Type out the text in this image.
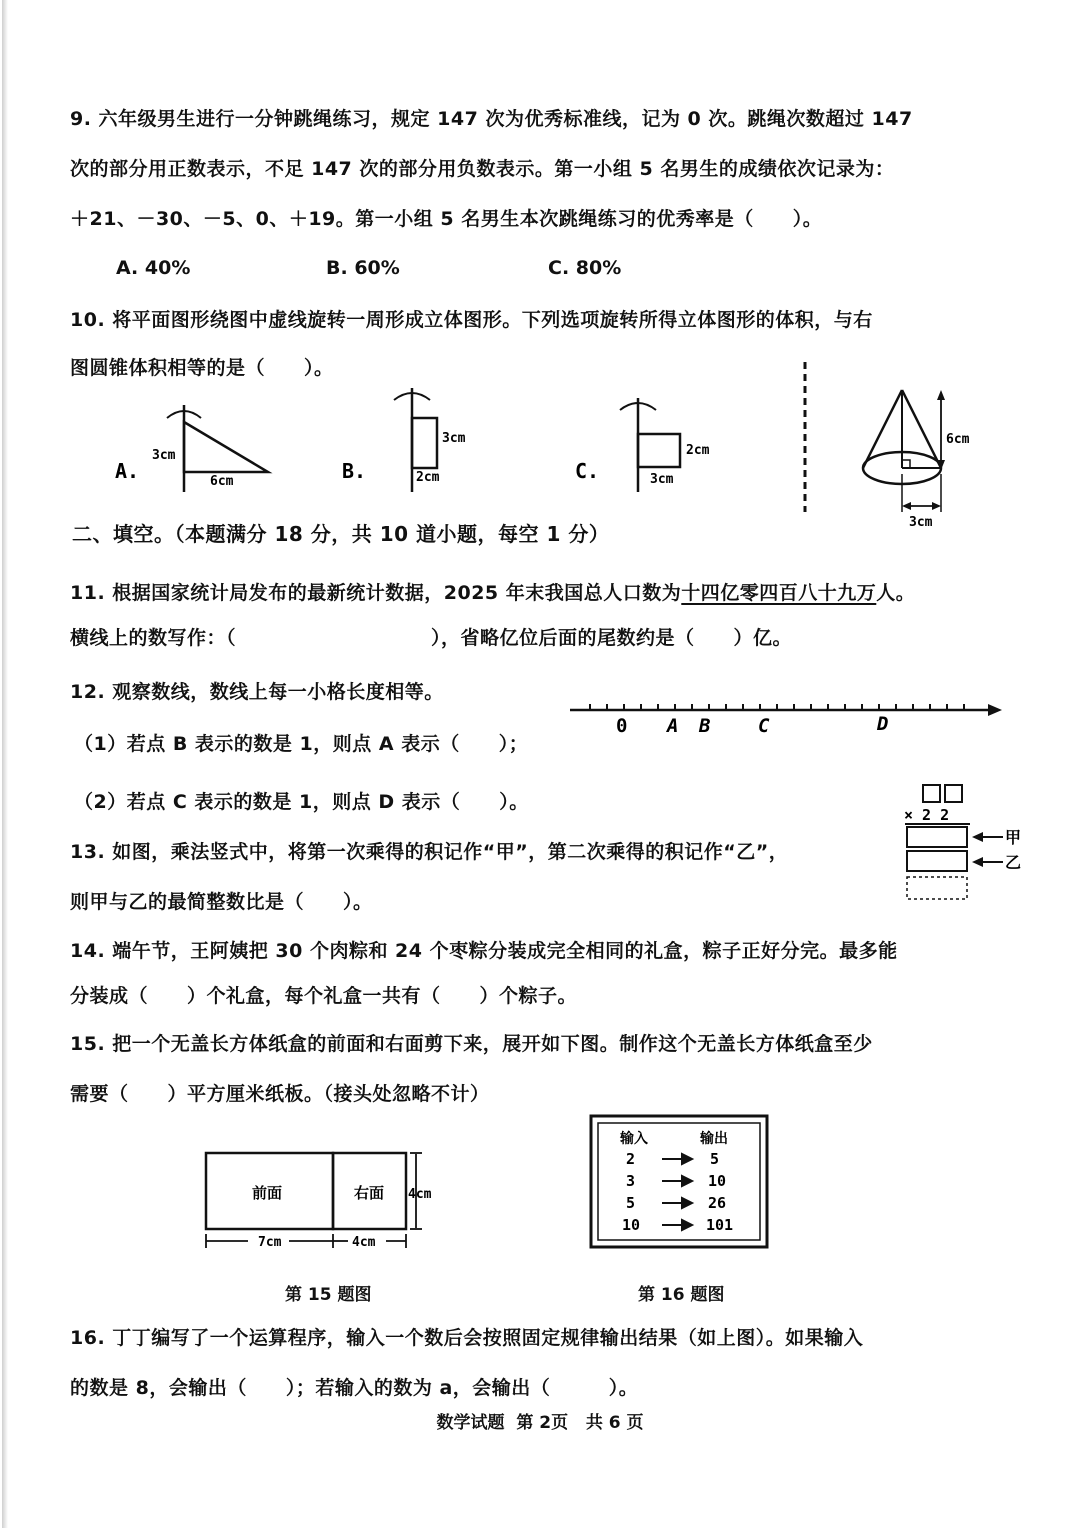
9. 六年级男生进行一分钟跳绳练习，规定 147 次为优秀标准线，记为 0 次。跳绳次数超过 147
次的部分用正数表示，不足 147 次的部分用负数表示。第一小组 5 名男生的成绩依次记录为：
＋21、－30、－5、0、＋19。第一小组 5 名男生本次跳绳练习的优秀率是（　　）。
A. 40%	B. 60%	C. 80%
10. 将平面图形绕图中虚线旋转一周形成立体图形。下列选项旋转所得立体图形的体积，与右
图圆锥体积相等的是（　　）。
A.
3cm
6cm	B.
3cm
2cm	C.
2cm
3cm
6cm
3cm
二、填空。（本题满分 18 分，共 10 道小题，每空 1 分）
11. 根据国家统计局发布的最新统计数据，2025 年末我国总人口数为十四亿零四百八十九万人。
横线上的数写作：（　　　　　　　　　　），省略亿位后面的尾数约是（　　）亿。
12. 观察数线，数线上每一小格长度相等。
（1）若点 B 表示的数是 1，则点 A 表示（　　）；
（2）若点 C 表示的数是 1，则点 D 表示（　　）。
0 A B	C	D
13. 如图，乘法竖式中，将第一次乘得的积记作“甲”，第二次乘得的积记作“乙”，
则甲与乙的最简整数比是（　　）。
× 2 2
甲
乙
14. 端午节，王阿姨把 30 个肉粽和 24 个枣粽分装成完全相同的礼盒，粽子正好分完。最多能
分装成（　　）个礼盒，每个礼盒一共有（　　）个粽子。
15. 把一个无盖长方体纸盒的前面和右面剪下来，展开如下图。制作这个无盖长方体纸盒至少
需要（　　）平方厘米纸板。（接头处忽略不计）
前面	右面 4cm
7cm	4cm
第 15 题图
输入	输出
2	5
3	10
5	26
10	101
第 16 题图
16. 丁丁编写了一个运算程序，输入一个数后会按照固定规律输出结果（如上图）。如果输入
的数是 8，会输出（　　）；若输入的数为 a，会输出（　　　）。
数学试题 第 2页 共 6 页
